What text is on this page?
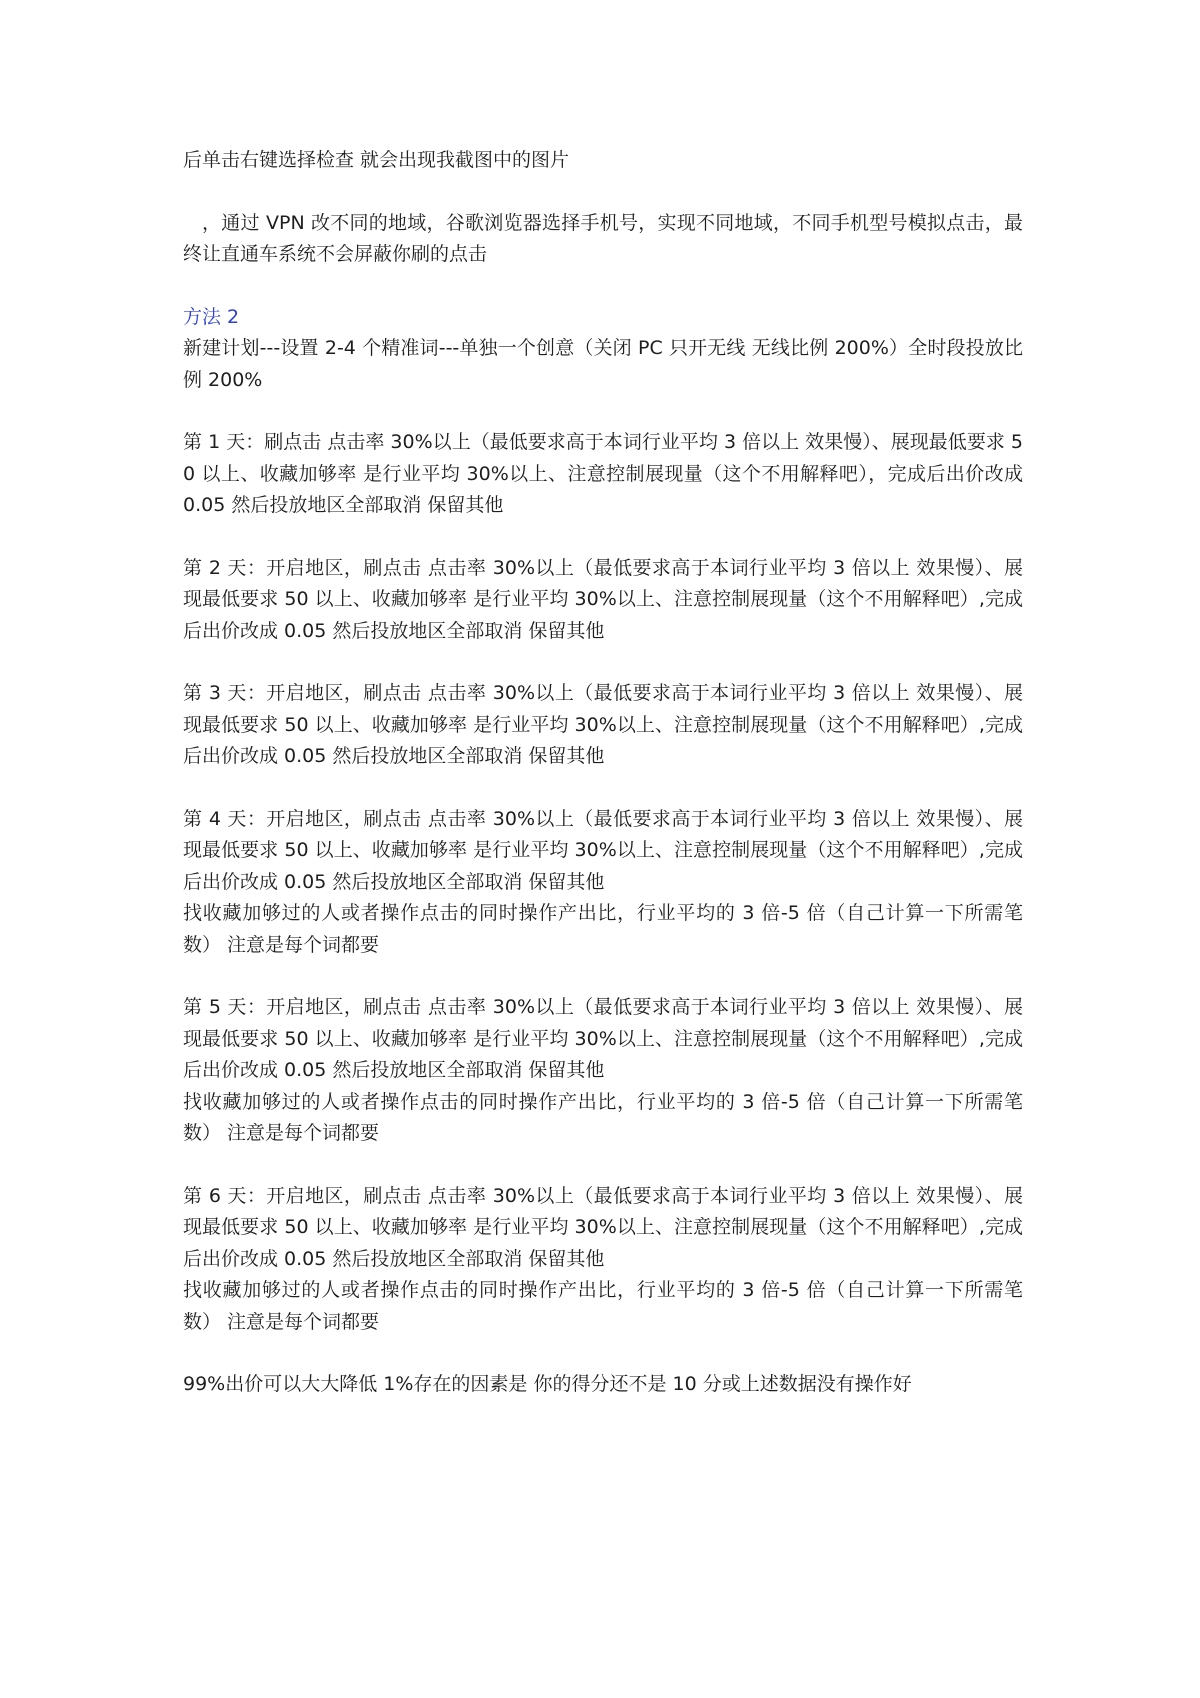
后单击右键选择检查 就会出现我截图中的图片

，通过 VPN 改不同的地域，谷歌浏览器选择手机号，实现不同地域，不同手机型号模拟点击，最终让直通车系统不会屏蔽你刷的点击

方法 2

新建计划---设置 2-4 个精准词---单独一个创意（关闭 PC 只开无线 无线比例 200%）全时段投放比例 200%

第 1 天：刷点击 点击率 30%以上（最低要求高于本词行业平均 3 倍以上 效果慢）、展现最低要求 50 以上、收藏加够率 是行业平均 30%以上、注意控制展现量（这个不用解释吧），完成后出价改成 0.05 然后投放地区全部取消 保留其他

第 2 天：开启地区，刷点击 点击率 30%以上（最低要求高于本词行业平均 3 倍以上 效果慢）、展现最低要求 50 以上、收藏加够率 是行业平均 30%以上、注意控制展现量（这个不用解释吧）,完成后出价改成 0.05 然后投放地区全部取消 保留其他

第 3 天：开启地区，刷点击 点击率 30%以上（最低要求高于本词行业平均 3 倍以上 效果慢）、展现最低要求 50 以上、收藏加够率 是行业平均 30%以上、注意控制展现量（这个不用解释吧）,完成后出价改成 0.05 然后投放地区全部取消 保留其他

第 4 天：开启地区，刷点击 点击率 30%以上（最低要求高于本词行业平均 3 倍以上 效果慢）、展现最低要求 50 以上、收藏加够率 是行业平均 30%以上、注意控制展现量（这个不用解释吧）,完成后出价改成 0.05 然后投放地区全部取消 保留其他

找收藏加够过的人或者操作点击的同时操作产出比，行业平均的 3 倍-5 倍（自己计算一下所需笔数） 注意是每个词都要

第 5 天：开启地区，刷点击 点击率 30%以上（最低要求高于本词行业平均 3 倍以上 效果慢）、展现最低要求 50 以上、收藏加够率 是行业平均 30%以上、注意控制展现量（这个不用解释吧）,完成后出价改成 0.05 然后投放地区全部取消 保留其他

找收藏加够过的人或者操作点击的同时操作产出比，行业平均的 3 倍-5 倍（自己计算一下所需笔数） 注意是每个词都要

第 6 天：开启地区，刷点击 点击率 30%以上（最低要求高于本词行业平均 3 倍以上 效果慢）、展现最低要求 50 以上、收藏加够率 是行业平均 30%以上、注意控制展现量（这个不用解释吧）,完成后出价改成 0.05 然后投放地区全部取消 保留其他

找收藏加够过的人或者操作点击的同时操作产出比，行业平均的 3 倍-5 倍（自己计算一下所需笔数） 注意是每个词都要

99%出价可以大大降低 1%存在的因素是 你的得分还不是 10 分或上述数据没有操作好
